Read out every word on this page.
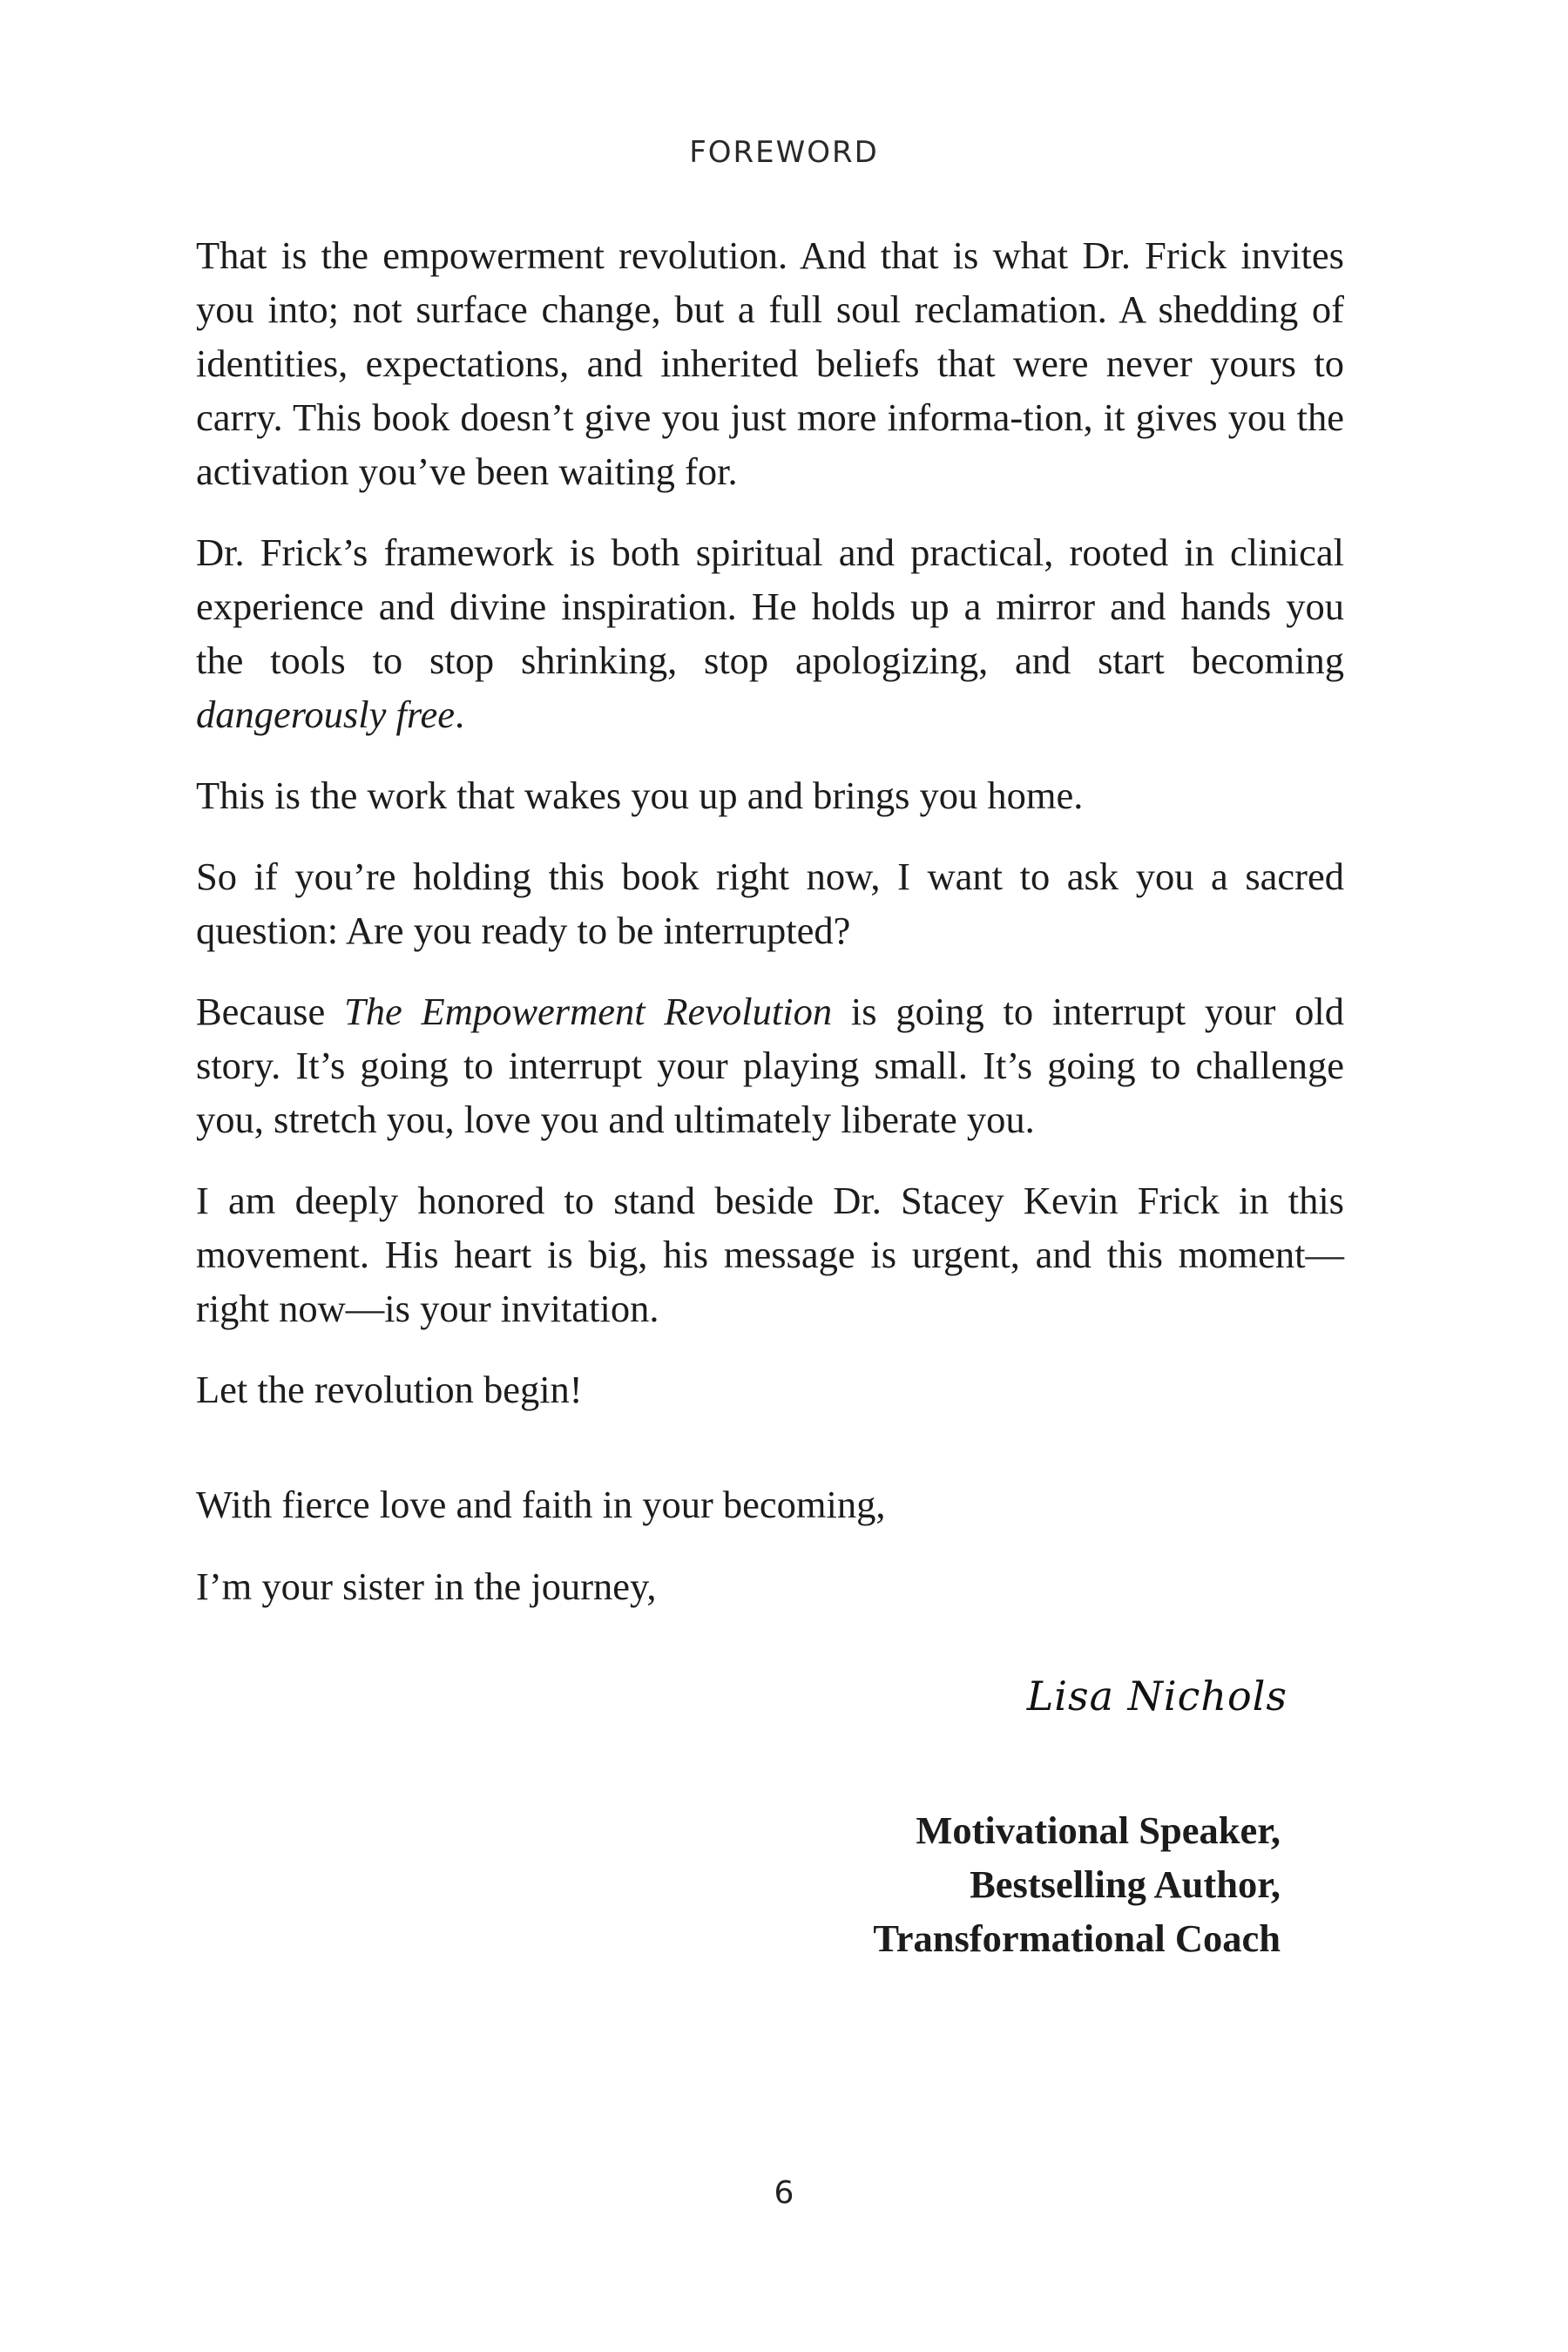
FOREWORD

That is the empowerment revolution. And that is what Dr. Frick invites you into; not surface change, but a full soul reclamation. A shedding of identities, expectations, and inherited beliefs that were never yours to carry. This book doesn’t give you just more informa-tion, it gives you the activation you’ve been waiting for.

Dr. Frick’s framework is both spiritual and practical, rooted in clinical experience and divine inspiration. He holds up a mirror and hands you the tools to stop shrinking, stop apologizing, and start becoming dangerously free.

This is the work that wakes you up and brings you home.

So if you’re holding this book right now, I want to ask you a sacred question: Are you ready to be interrupted?

Because The Empowerment Revolution is going to interrupt your old story. It’s going to interrupt your playing small. It’s going to challenge you, stretch you, love you and ultimately liberate you.

I am deeply honored to stand beside Dr. Stacey Kevin Frick in this movement. His heart is big, his message is urgent, and this moment—right now—is your invitation.

Let the revolution begin!

With fierce love and faith in your becoming,

I’m your sister in the journey,

Lisa Nichols
Motivational Speaker,
Bestselling Author,
Transformational Coach
6
